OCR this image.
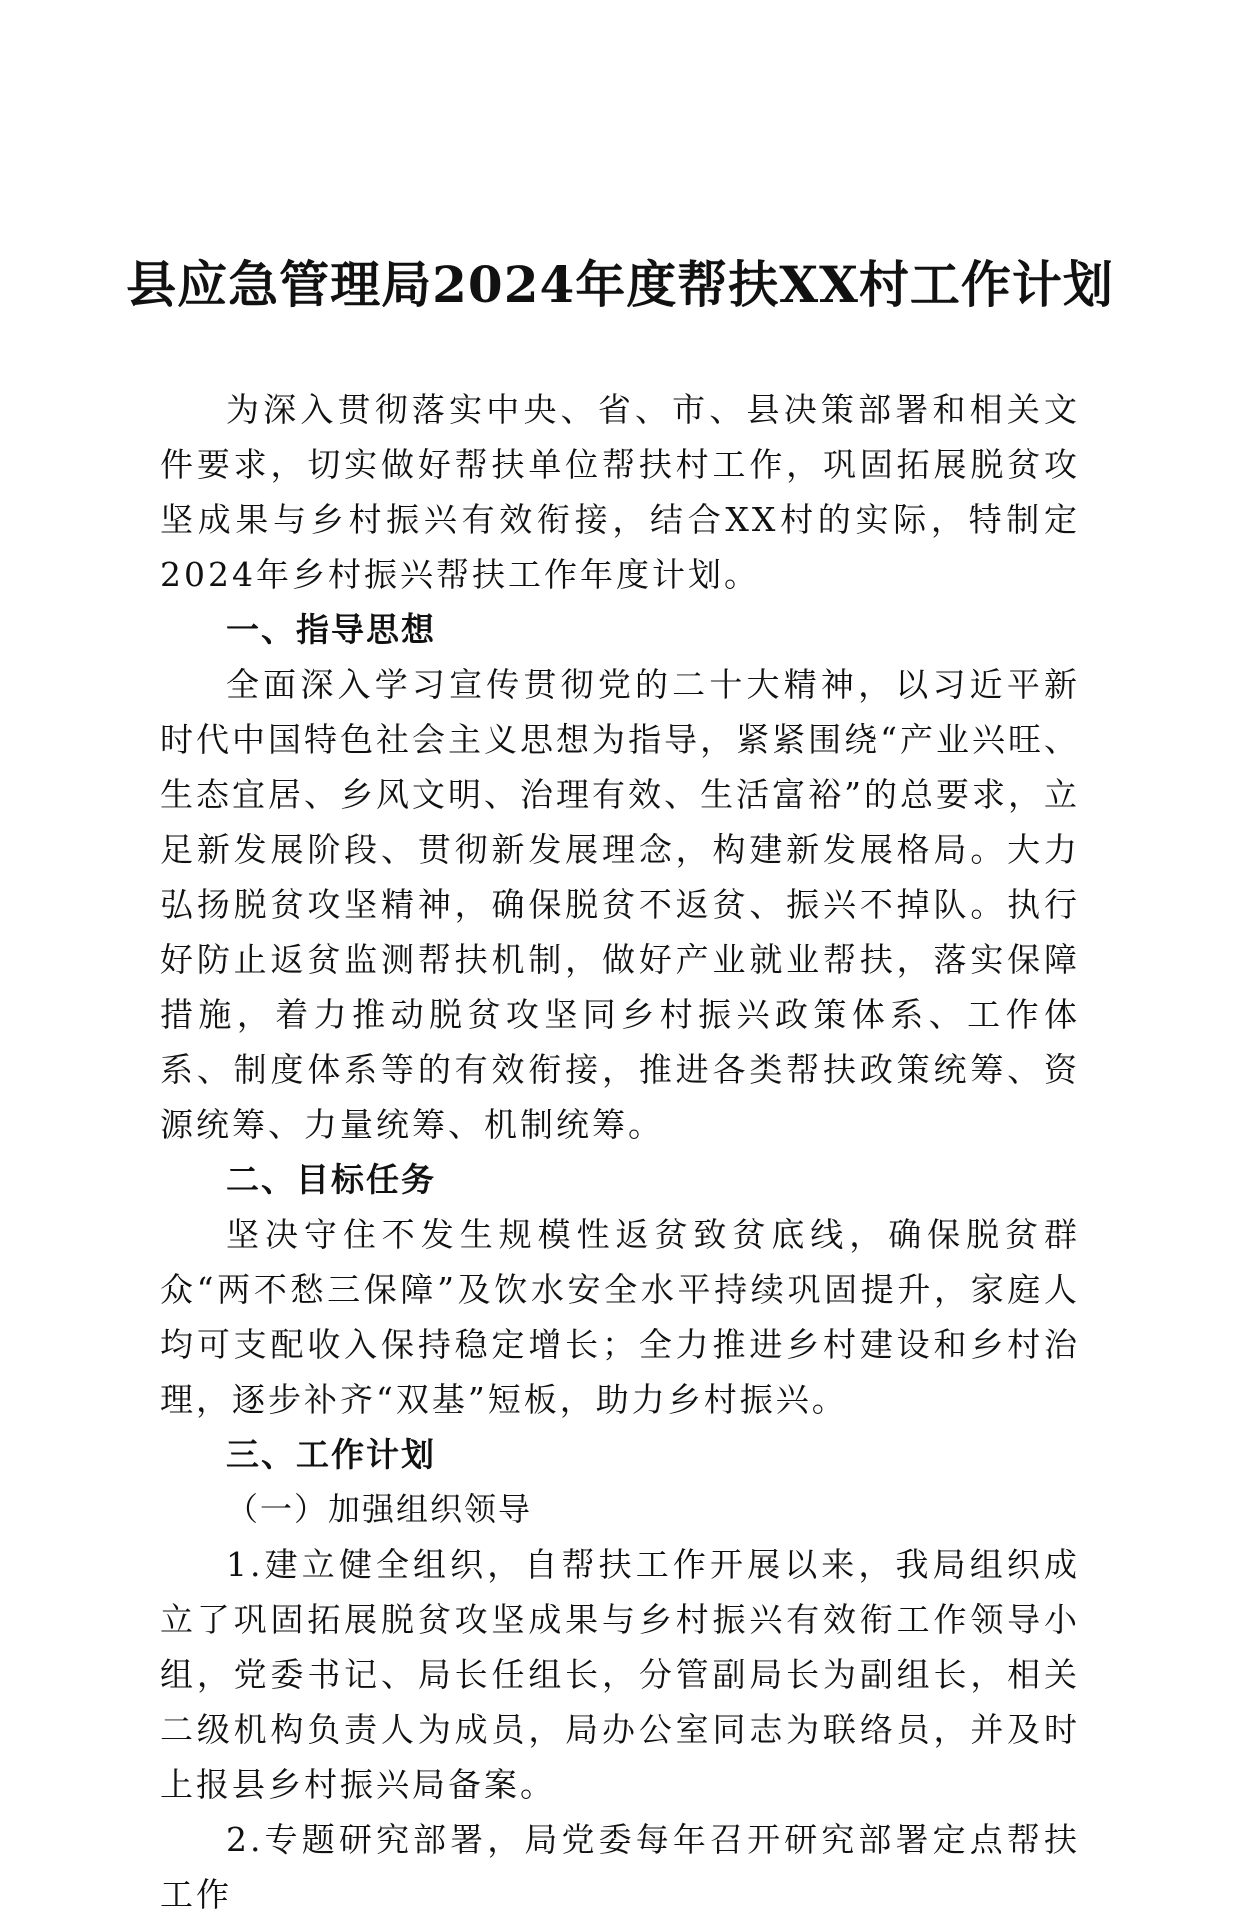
县应急管理局2024年度帮扶XX村工作计划

为深入贯彻落实中央、省、市、县决策部署和相关文件要求，切实做好帮扶单位帮扶村工作，巩固拓展脱贫攻坚成果与乡村振兴有效衔接，结合XX村的实际，特制定2024年乡村振兴帮扶工作年度计划。

一、指导思想

全面深入学习宣传贯彻党的二十大精神，以习近平新时代中国特色社会主义思想为指导，紧紧围绕“产业兴旺、生态宜居、乡风文明、治理有效、生活富裕”的总要求，立足新发展阶段、贯彻新发展理念，构建新发展格局。大力弘扬脱贫攻坚精神，确保脱贫不返贫、振兴不掉队。执行好防止返贫监测帮扶机制，做好产业就业帮扶，落实保障措施，着力推动脱贫攻坚同乡村振兴政策体系、工作体系、制度体系等的有效衔接，推进各类帮扶政策统筹、资源统筹、力量统筹、机制统筹。

二、目标任务

坚决守住不发生规模性返贫致贫底线，确保脱贫群众“两不愁三保障”及饮水安全水平持续巩固提升，家庭人均可支配收入保持稳定增长；全力推进乡村建设和乡村治理，逐步补齐“双基”短板，助力乡村振兴。

三、工作计划

（一）加强组织领导

1.建立健全组织，自帮扶工作开展以来，我局组织成立了巩固拓展脱贫攻坚成果与乡村振兴有效衔工作领导小组，党委书记、局长任组长，分管副局长为副组长，相关二级机构负责人为成员，局办公室同志为联络员，并及时上报县乡村振兴局备案。

2.专题研究部署，局党委每年召开研究部署定点帮扶工作
